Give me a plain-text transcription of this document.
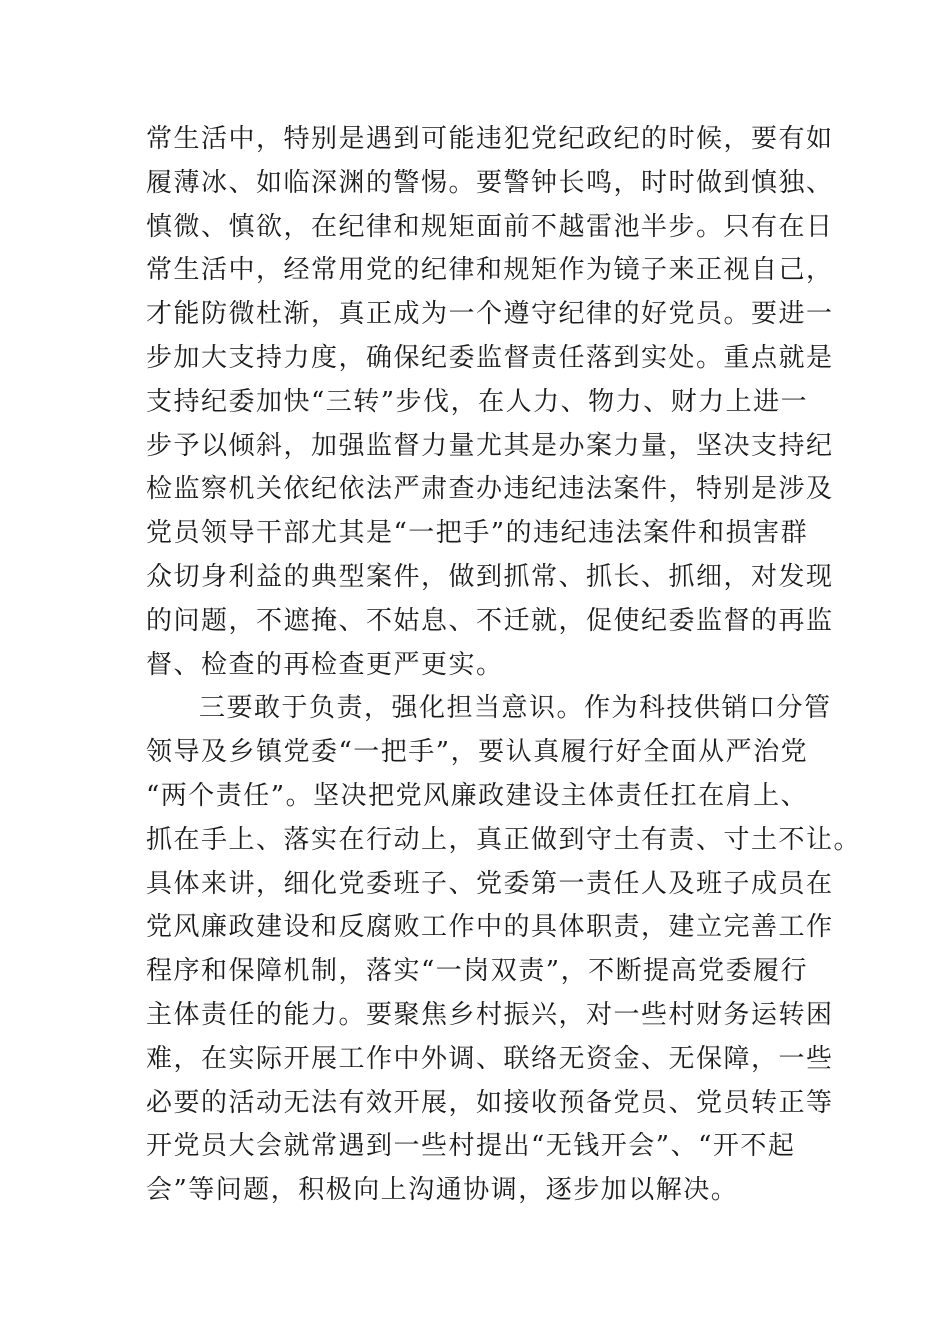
常生活中，特别是遇到可能违犯党纪政纪的时候，要有如
履薄冰、如临深渊的警惕。要警钟长鸣，时时做到慎独、
慎微、慎欲，在纪律和规矩面前不越雷池半步。只有在日
常生活中，经常用党的纪律和规矩作为镜子来正视自己，
才能防微杜渐，真正成为一个遵守纪律的好党员。要进一
步加大支持力度，确保纪委监督责任落到实处。重点就是
支持纪委加快“三转”步伐，在人力、物力、财力上进一
步予以倾斜，加强监督力量尤其是办案力量，坚决支持纪
检监察机关依纪依法严肃查办违纪违法案件，特别是涉及
党员领导干部尤其是“一把手”的违纪违法案件和损害群
众切身利益的典型案件，做到抓常、抓长、抓细，对发现
的问题，不遮掩、不姑息、不迁就，促使纪委监督的再监
督、检查的再检查更严更实。
三要敢于负责，强化担当意识。作为科技供销口分管
领导及乡镇党委“一把手”，要认真履行好全面从严治党
“两个责任”。坚决把党风廉政建设主体责任扛在肩上、
抓在手上、落实在行动上，真正做到守土有责、寸土不让。
具体来讲，细化党委班子、党委第一责任人及班子成员在
党风廉政建设和反腐败工作中的具体职责，建立完善工作
程序和保障机制，落实“一岗双责”，不断提高党委履行
主体责任的能力。要聚焦乡村振兴，对一些村财务运转困
难，在实际开展工作中外调、联络无资金、无保障，一些
必要的活动无法有效开展，如接收预备党员、党员转正等
开党员大会就常遇到一些村提出“无钱开会”、“开不起
会”等问题，积极向上沟通协调，逐步加以解决。
